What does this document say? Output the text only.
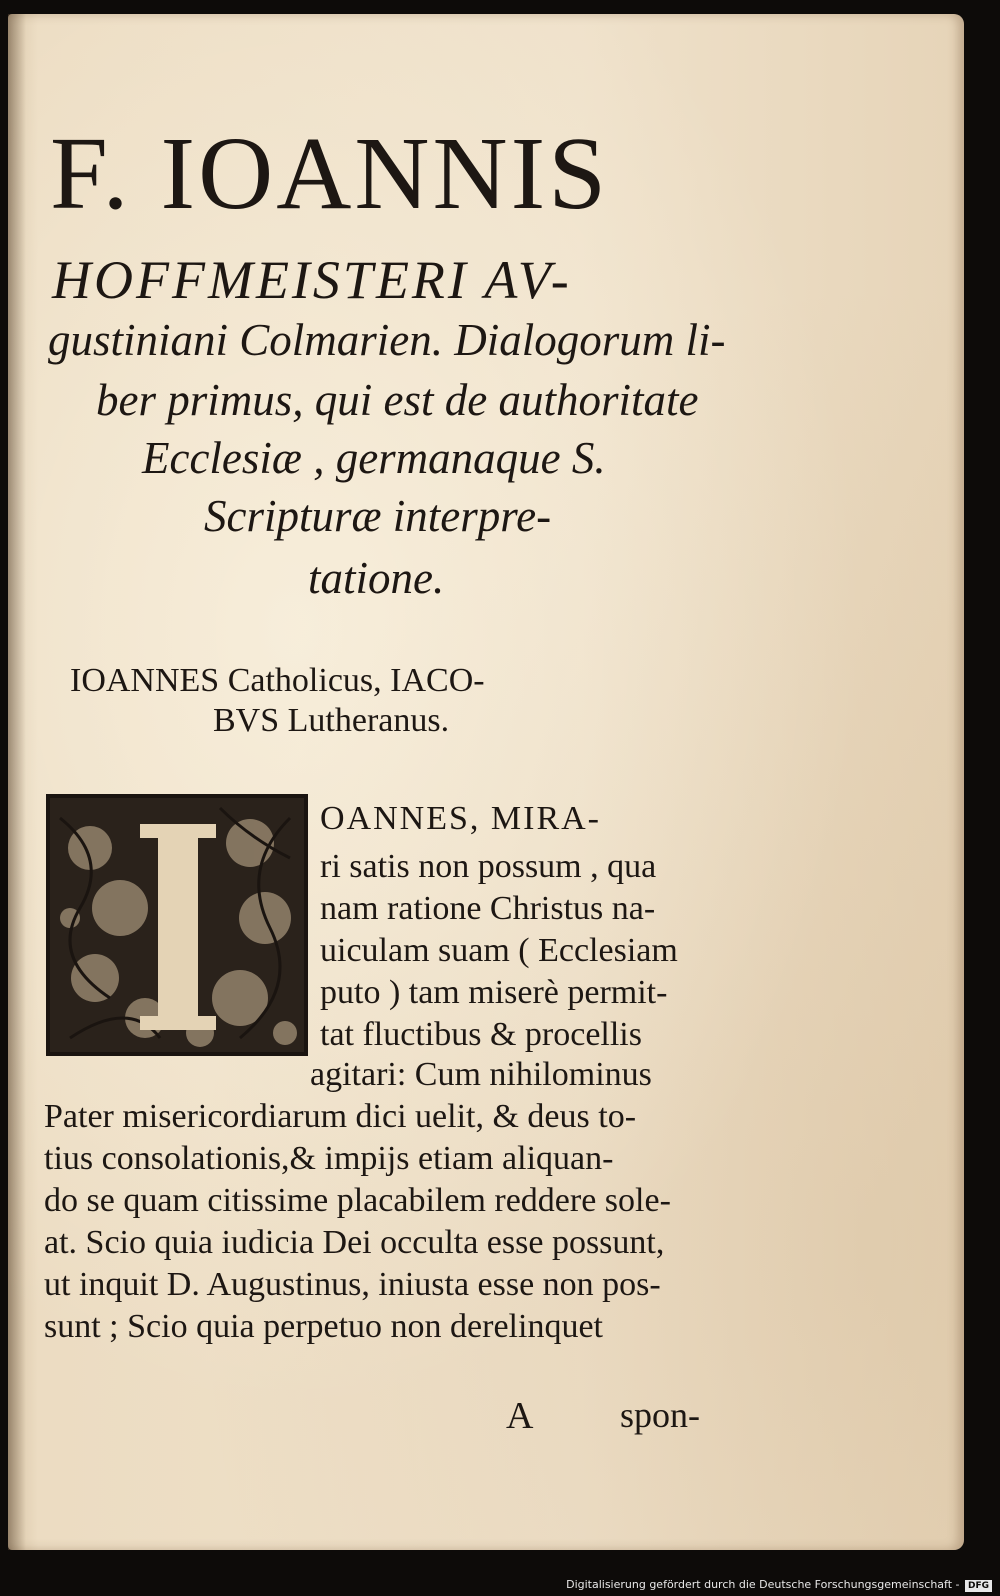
F. IOANNIS
HOFFMEISTERI AV-
gustiniani Colmarien. Dialogorum li-
ber primus, qui est de authoritate
Ecclesiæ , germanaque S.
Scripturæ interpre-
tatione.
IOANNES Catholicus, IACO-
BVS Lutheranus.
OANNES, MIRA-
ri satis non possum , qua
nam ratione Christus na-
uiculam suam ( Ecclesiam
puto ) tam miserè permit-
tat fluctibus & procellis
agitari: Cum nihilominus
Pater misericordiarum dici uelit, & deus to-
tius consolationis,& impijs etiam aliquan-
do se quam citissime placabilem reddere sole-
at. Scio quia iudicia Dei occulta esse possunt,
ut inquit D. Augustinus, iniusta esse non pos-
sunt ; Scio quia perpetuo non derelinquet
A spon-
Digitalisierung gefördert durch die Deutsche Forschungsgemeinschaft - DFG
